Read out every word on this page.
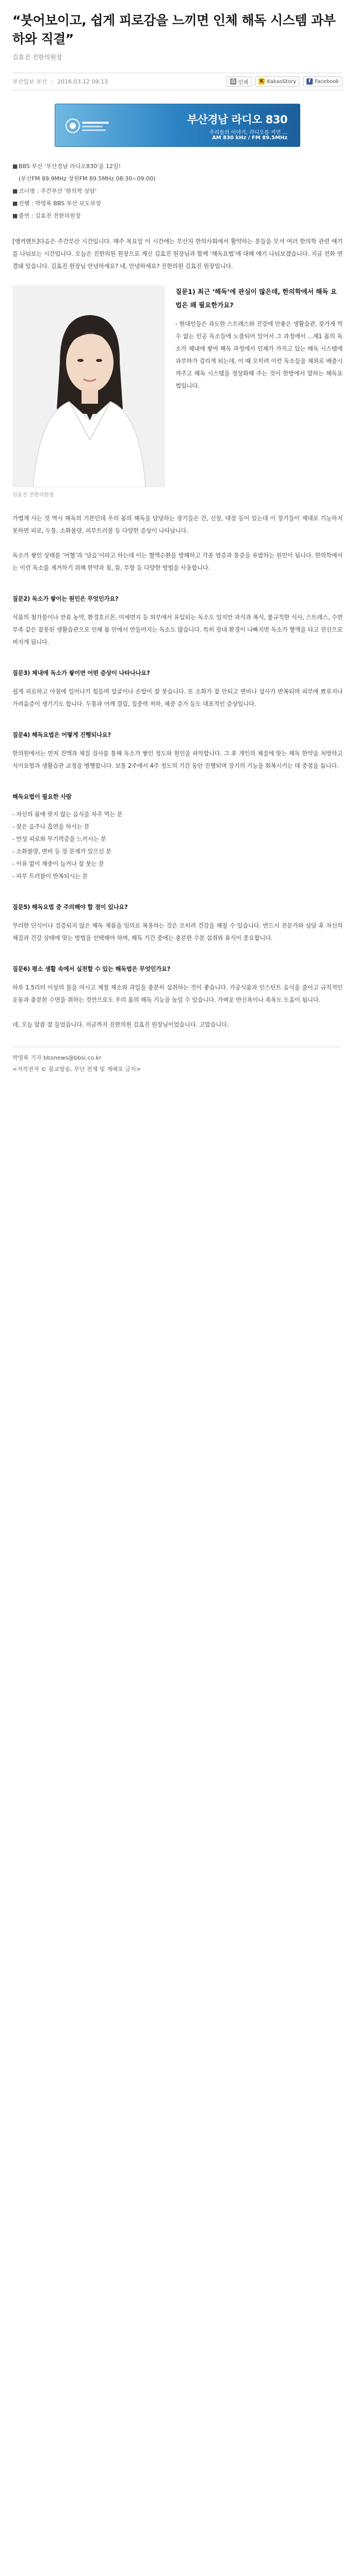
“붓어보이고, 쉽게 피로감을 느끼면 인체 해독 시스템 과부하와 직결”
김효진 진한의원장
부산일보 부산 | 2016.03.12 09:13	⎙ 인쇄	K KakaoStory	f Facebook
부산경남 라디오 830
우리들의 이야기, 라디오를 켜면 ...
AM 830 kHz / FM 89.5MHz
■ BBS 부산 '부산경남 라디오830'을 12일!
(부산FM 89.9MHz 창원FM 89.5MHz 08:30~09:00)
■ 코너명 : 주간부산 '한의학 상담'
■ 진행 : 박영록 BBS 부산 보도부장
■ 출연 : 김효진 진한의원장
[앵커멘트]다음은 주간부산 시간입니다. 매주 목요일 이 시간에는 부산지 한의사회에서 활약하는 분들을 모셔 여러 한의학 관련 얘기를 나눠보는 시간입니다. 오늘은 진한의원 원장으로 계신 김효진 원장님과 함께 ‘해독요법’에 대해 얘기 나눠보겠습니다. 지금 전화 연결돼 있습니다. 김효진 원장님 안녕하세요? 네, 안녕하세요? 진한의원 김효진 원장입니다.
김효진 진한의원장
질문1) 최근 ‘해독’에 관심이 많은데, 한의학에서 해독 요법은 왜 필요한가요?
- 현대인들은 과도한 스트레스와 건강에 안좋은 생활습관, 잦가게 먹 수 없는 인공 독소들에 노출되어 있어서 그 과정에서 ...제1 몸의 독소가 체내에 쌓여 해독 과정에서 인체가 가지고 있는 해독 시스템에 과부하가 걸리게 되는데, 이 때 오히려 이런 독소들을 체외로 배출시켜주고 해독 시스템을 정상화해 주는 것이 한방에서 말하는 해독요법입니다.
가볍게 사는 것 역시 해독의 기본인데 우리 몸의 해독을 담당하는 장기들은 간, 신장, 대장 등이 있는데 이 장기들이 제대로 기능하지 못하면 피로, 두통, 소화불량, 피부트러블 등 다양한 증상이 나타납니다.
독소가 쌓인 상태를 ‘어혈’과 ‘담음’이라고 하는데 이는 혈액순환을 방해하고 각종 염증과 통증을 유발하는 원인이 됩니다. 한의학에서는 이런 독소를 제거하기 위해 한약과 침, 뜸, 부항 등 다양한 방법을 사용합니다.
질문2) 독소가 쌓이는 원인은 무엇인가요?
식품의 첨가물이나 잔류 농약, 환경호르몬, 미세먼지 등 외부에서 유입되는 독소도 있지만 과식과 폭식, 불규칙한 식사, 스트레스, 수면부족 같은 잘못된 생활습관으로 인해 몸 안에서 만들어지는 독소도 많습니다. 특히 장내 환경이 나빠지면 독소가 혈액을 타고 전신으로 퍼지게 됩니다.
질문3) 체내에 독소가 쌓이면 어떤 증상이 나타나나요?
쉽게 피로하고 아침에 일어나기 힘들며 얼굴이나 손발이 잘 붓습니다. 또 소화가 잘 안되고 변비나 설사가 반복되며 피부에 뾰루지나 가려움증이 생기기도 합니다. 두통과 어깨 결림, 집중력 저하, 체중 증가 등도 대표적인 증상입니다.
질문4) 해독요법은 어떻게 진행되나요?
한의원에서는 먼저 진맥과 체질 검사를 통해 독소가 쌓인 정도와 원인을 파악합니다. 그 후 개인의 체질에 맞는 해독 한약을 처방하고 식이요법과 생활습관 교정을 병행합니다. 보통 2주에서 4주 정도의 기간 동안 진행되며 장기의 기능을 회복시키는 데 중점을 둡니다.
해독요법이 필요한 사람
- 자신의 몸에 맞지 않는 음식을 자주 먹는 분
- 잦은 음주나 흡연을 하시는 분
- 만성 피로와 무기력증을 느끼시는 분
- 소화불량, 변비 등 장 문제가 있으신 분
- 이유 없이 체중이 늘거나 잘 붓는 분
- 피부 트러블이 반복되시는 분
질문5) 해독요법 중 주의해야 할 점이 있나요?
무리한 단식이나 검증되지 않은 해독 제품을 임의로 복용하는 것은 오히려 건강을 해칠 수 있습니다. 반드시 전문가와 상담 후 자신의 체질과 건강 상태에 맞는 방법을 선택해야 하며, 해독 기간 중에는 충분한 수분 섭취와 휴식이 중요합니다.
질문6) 평소 생활 속에서 실천할 수 있는 해독법은 무엇인가요?
하루 1.5리터 이상의 물을 마시고 제철 채소와 과일을 충분히 섭취하는 것이 좋습니다. 가공식품과 인스턴트 음식을 줄이고 규칙적인 운동과 충분한 수면을 취하는 것만으로도 우리 몸의 해독 기능을 높일 수 있습니다. 가벼운 반신욕이나 족욕도 도움이 됩니다.
네, 오늘 말씀 잘 들었습니다. 지금까지 진한의원 김효진 원장님이었습니다. 고맙습니다.
박영록 기자 bbsnews@bbsi.co.kr
<저작권자 © 불교방송, 무단 전재 및 재배포 금지>
